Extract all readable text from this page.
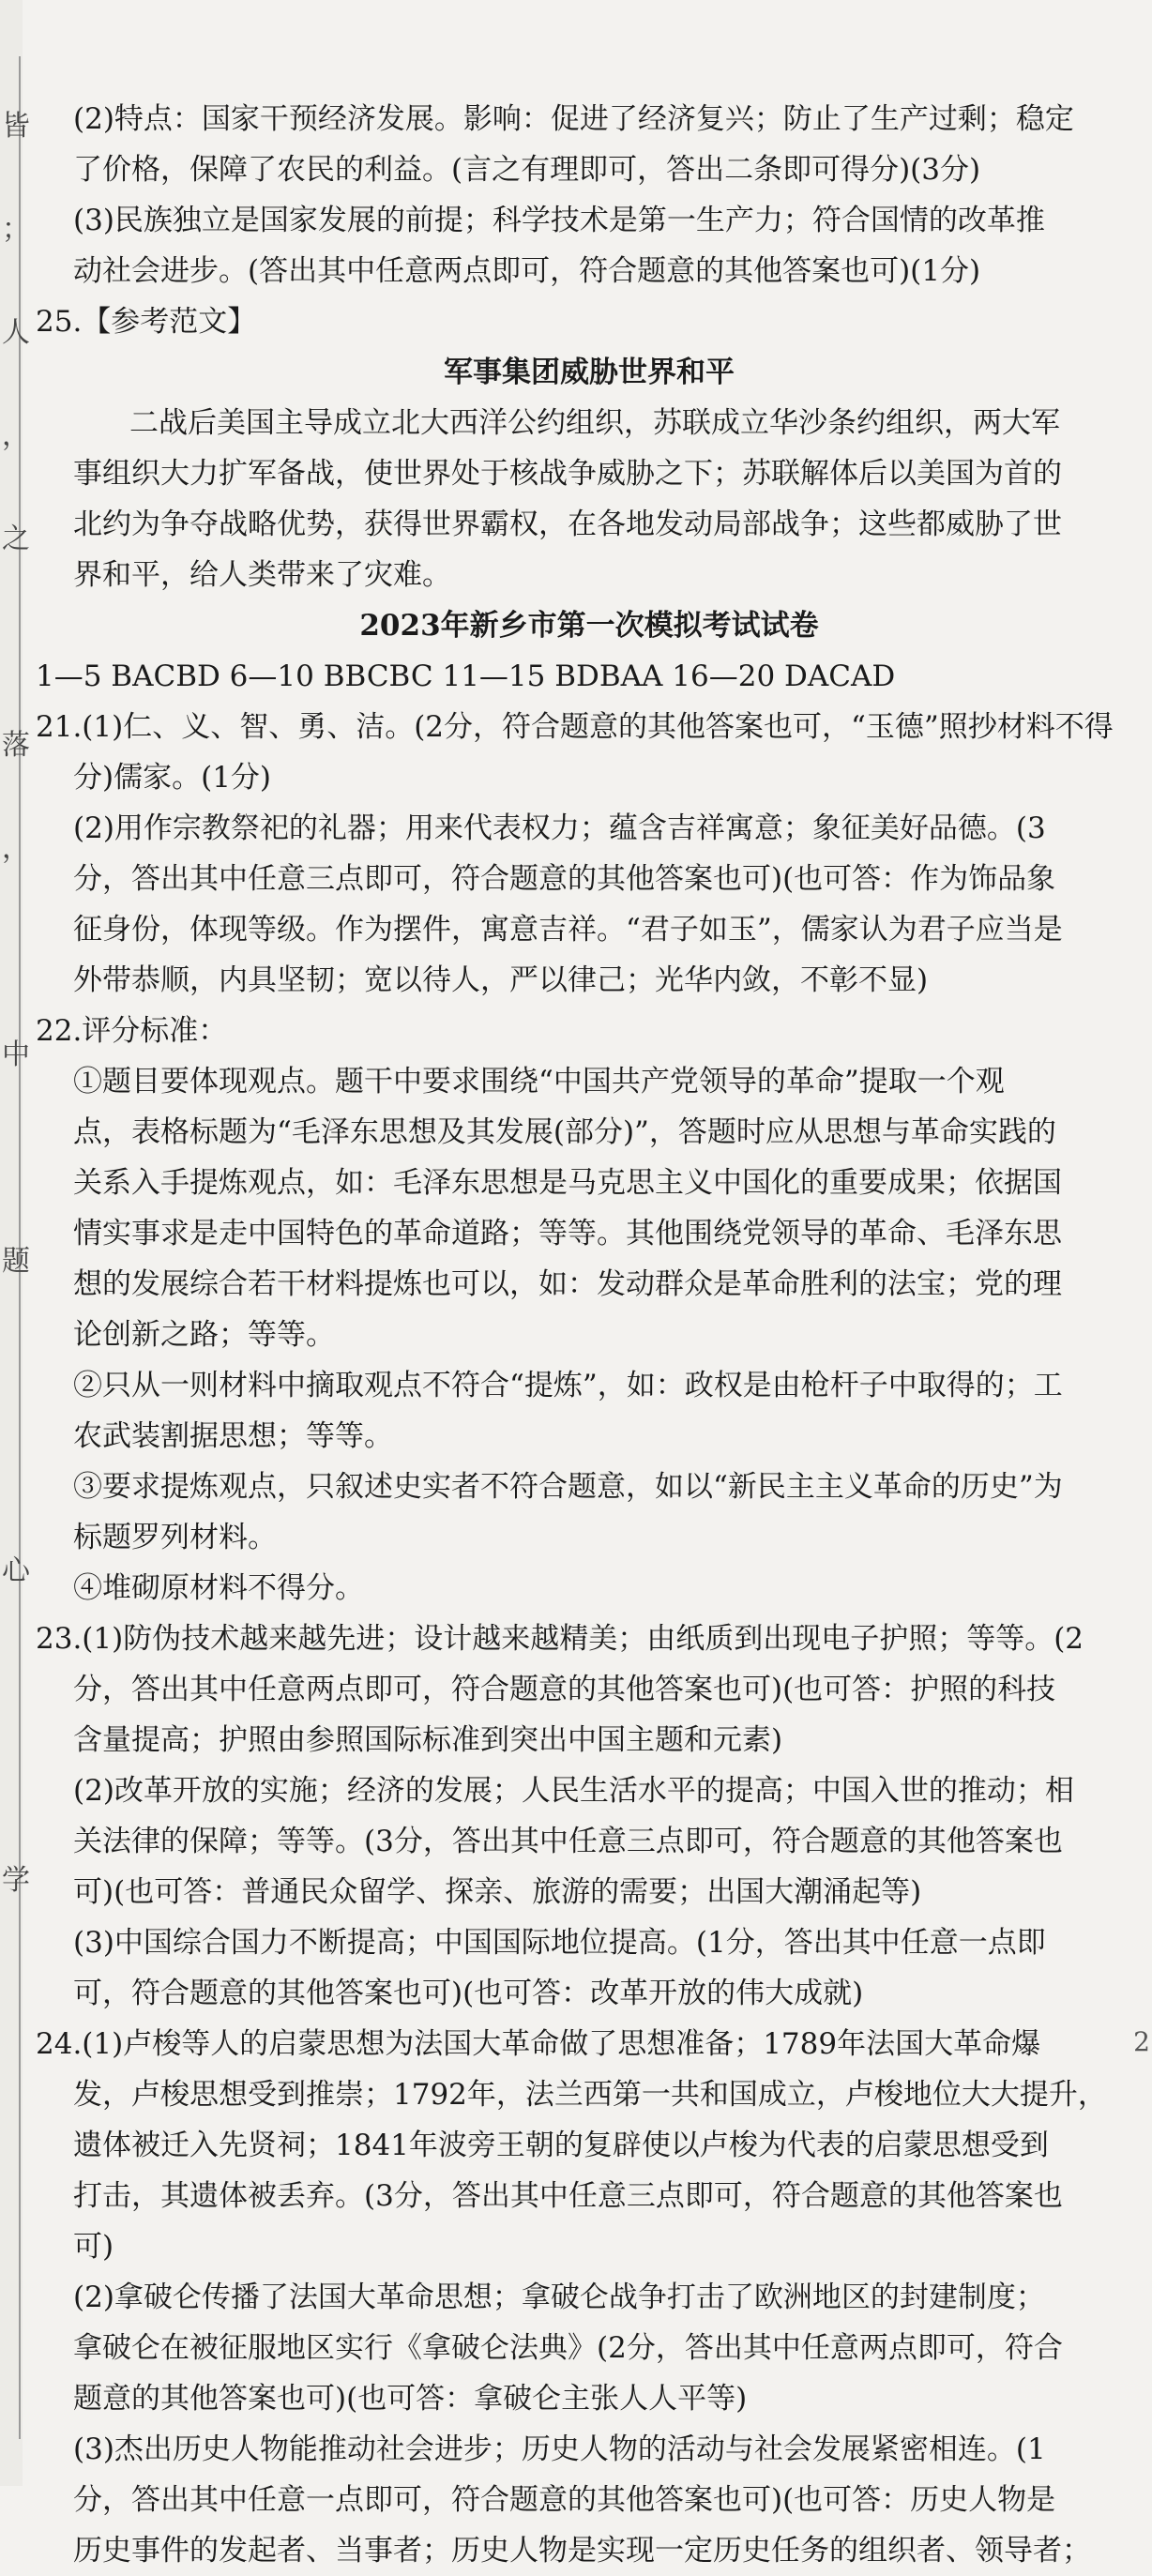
皆
；
人
，
之
落
，
中
题
心
学
2
(2)特点：国家干预经济发展。影响：促进了经济复兴；防止了生产过剩；稳定
了价格，保障了农民的利益。(言之有理即可，答出二条即可得分)(3分)
(3)民族独立是国家发展的前提；科学技术是第一生产力；符合国情的改革推
动社会进步。(答出其中任意两点即可，符合题意的其他答案也可)(1分)
25.【参考范文】
军事集团威胁世界和平
二战后美国主导成立北大西洋公约组织，苏联成立华沙条约组织，两大军
事组织大力扩军备战，使世界处于核战争威胁之下；苏联解体后以美国为首的
北约为争夺战略优势，获得世界霸权，在各地发动局部战争；这些都威胁了世
界和平，给人类带来了灾难。
2023年新乡市第一次模拟考试试卷
1—5 BACBD 6—10 BBCBC 11—15 BDBAA 16—20 DACAD
21.(1)仁、义、智、勇、洁。(2分，符合题意的其他答案也可，“玉德”照抄材料不得
分)儒家。(1分)
(2)用作宗教祭祀的礼器；用来代表权力；蕴含吉祥寓意；象征美好品德。(3
分，答出其中任意三点即可，符合题意的其他答案也可)(也可答：作为饰品象
征身份，体现等级。作为摆件，寓意吉祥。“君子如玉”，儒家认为君子应当是
外带恭顺，内具坚韧；宽以待人，严以律己；光华内敛，不彰不显)
22.评分标准：
①题目要体现观点。题干中要求围绕“中国共产党领导的革命”提取一个观
点，表格标题为“毛泽东思想及其发展(部分)”，答题时应从思想与革命实践的
关系入手提炼观点，如：毛泽东思想是马克思主义中国化的重要成果；依据国
情实事求是走中国特色的革命道路；等等。其他围绕党领导的革命、毛泽东思
想的发展综合若干材料提炼也可以，如：发动群众是革命胜利的法宝；党的理
论创新之路；等等。
②只从一则材料中摘取观点不符合“提炼”，如：政权是由枪杆子中取得的；工
农武装割据思想；等等。
③要求提炼观点，只叙述史实者不符合题意，如以“新民主主义革命的历史”为
标题罗列材料。
④堆砌原材料不得分。
23.(1)防伪技术越来越先进；设计越来越精美；由纸质到出现电子护照；等等。(2
分，答出其中任意两点即可，符合题意的其他答案也可)(也可答：护照的科技
含量提高；护照由参照国际标准到突出中国主题和元素)
(2)改革开放的实施；经济的发展；人民生活水平的提高；中国入世的推动；相
关法律的保障；等等。(3分，答出其中任意三点即可，符合题意的其他答案也
可)(也可答：普通民众留学、探亲、旅游的需要；出国大潮涌起等)
(3)中国综合国力不断提高；中国国际地位提高。(1分，答出其中任意一点即
可，符合题意的其他答案也可)(也可答：改革开放的伟大成就)
24.(1)卢梭等人的启蒙思想为法国大革命做了思想准备；1789年法国大革命爆
发，卢梭思想受到推崇；1792年，法兰西第一共和国成立，卢梭地位大大提升，
遗体被迁入先贤祠；1841年波旁王朝的复辟使以卢梭为代表的启蒙思想受到
打击，其遗体被丢弃。(3分，答出其中任意三点即可，符合题意的其他答案也
可)
(2)拿破仑传播了法国大革命思想；拿破仑战争打击了欧洲地区的封建制度；
拿破仑在被征服地区实行《拿破仑法典》(2分，答出其中任意两点即可，符合
题意的其他答案也可)(也可答：拿破仑主张人人平等)
(3)杰出历史人物能推动社会进步；历史人物的活动与社会发展紧密相连。(1
分，答出其中任意一点即可，符合题意的其他答案也可)(也可答：历史人物是
历史事件的发起者、当事者；历史人物是实现一定历史任务的组织者、领导者；
